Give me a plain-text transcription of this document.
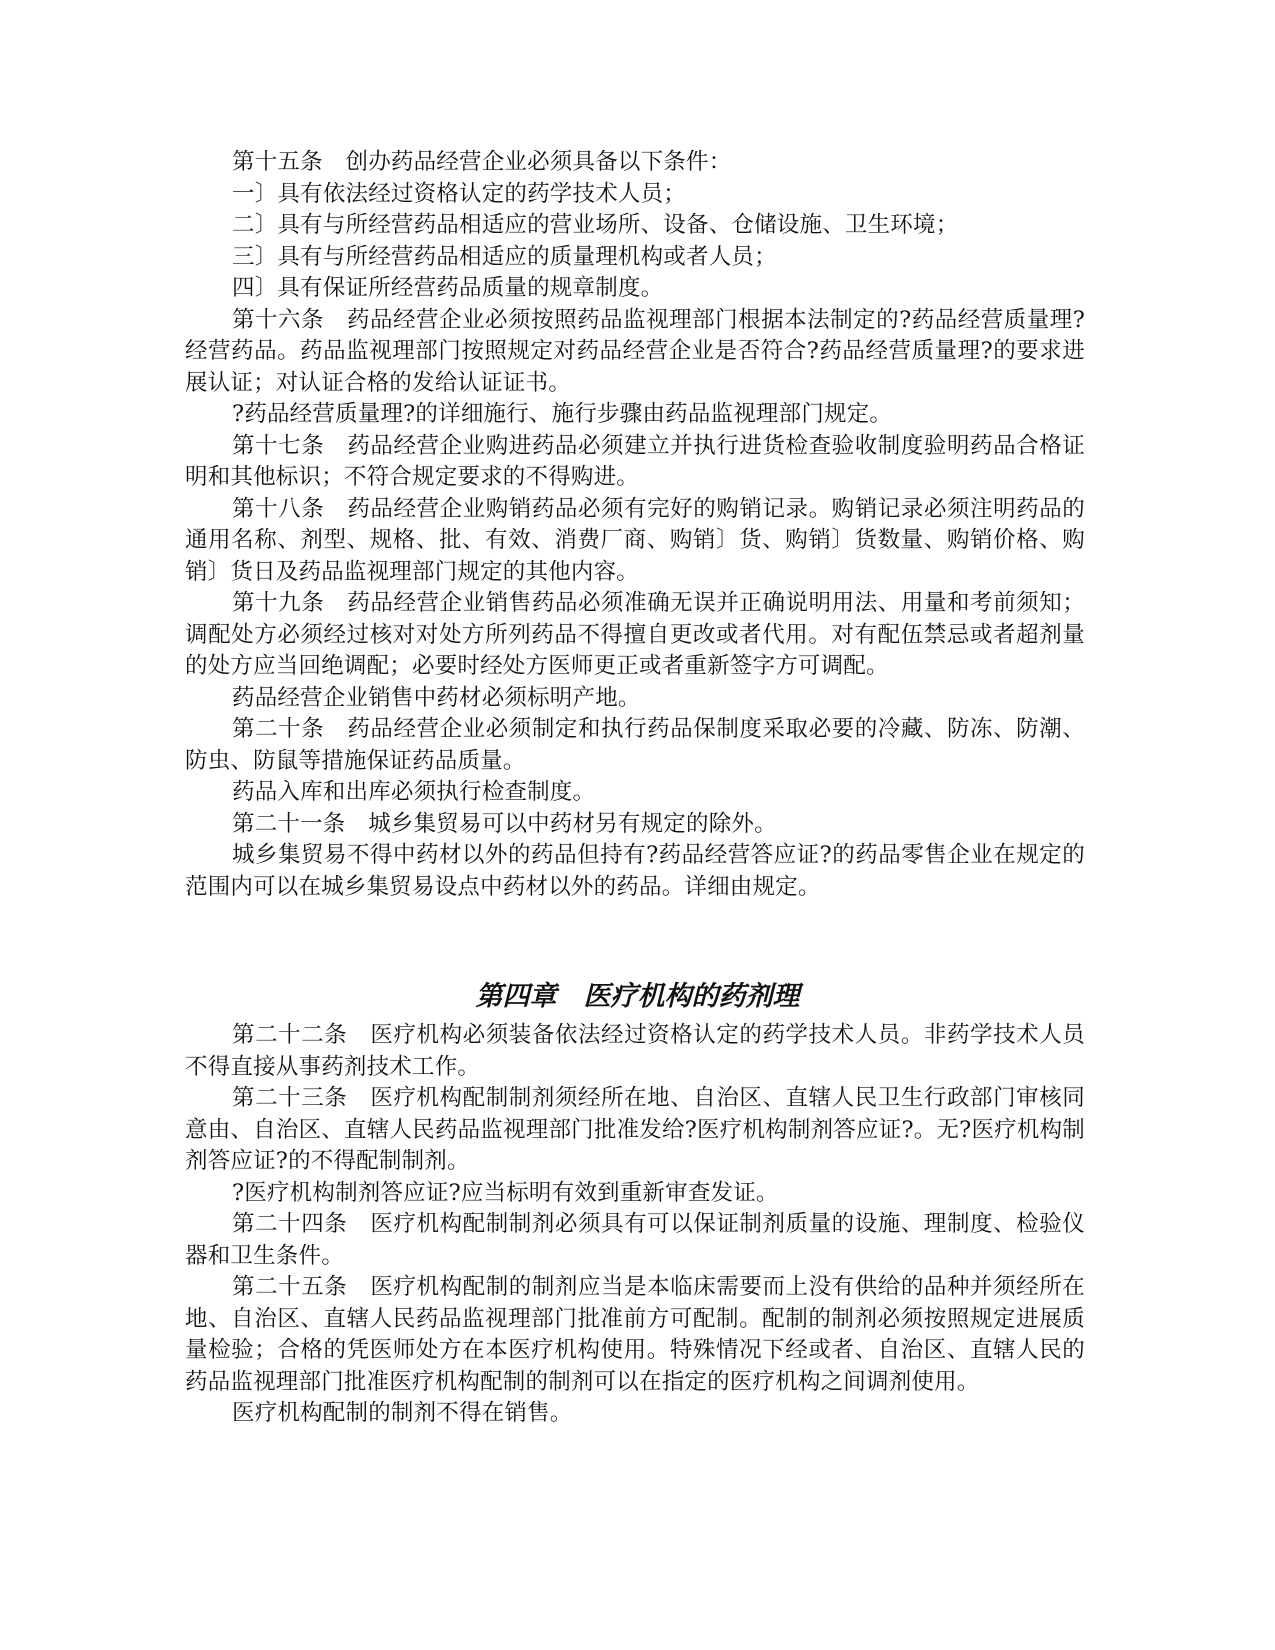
第十五条　创办药品经营企业必须具备以下条件：

一〕具有依法经过资格认定的药学技术人员；

二〕具有与所经营药品相适应的营业场所、设备、仓储设施、卫生环境；

三〕具有与所经营药品相适应的质量理机构或者人员；

四〕具有保证所经营药品质量的规章制度。

第十六条　药品经营企业必须按照药品监视理部门根据本法制定的?药品经营质量理?经营药品。药品监视理部门按照规定对药品经营企业是否符合?药品经营质量理?的要求进展认证；对认证合格的发给认证证书。

?药品经营质量理?的详细施行、施行步骤由药品监视理部门规定。

第十七条　药品经营企业购进药品必须建立并执行进货检查验收制度验明药品合格证明和其他标识；不符合规定要求的不得购进。

第十八条　药品经营企业购销药品必须有完好的购销记录。购销记录必须注明药品的通用名称、剂型、规格、批、有效、消费厂商、购销〕货、购销〕货数量、购销价格、购销〕货日及药品监视理部门规定的其他内容。

第十九条　药品经营企业销售药品必须准确无误并正确说明用法、用量和考前须知；调配处方必须经过核对对处方所列药品不得擅自更改或者代用。对有配伍禁忌或者超剂量的处方应当回绝调配；必要时经处方医师更正或者重新签字方可调配。

药品经营企业销售中药材必须标明产地。

第二十条　药品经营企业必须制定和执行药品保制度采取必要的冷藏、防冻、防潮、防虫、防鼠等措施保证药品质量。

药品入库和出库必须执行检查制度。

第二十一条　城乡集贸易可以中药材另有规定的除外。

城乡集贸易不得中药材以外的药品但持有?药品经营答应证?的药品零售企业在规定的范围内可以在城乡集贸易设点中药材以外的药品。详细由规定。

第四章　医疗机构的药剂理

第二十二条　医疗机构必须装备依法经过资格认定的药学技术人员。非药学技术人员不得直接从事药剂技术工作。

第二十三条　医疗机构配制制剂须经所在地、自治区、直辖人民卫生行政部门审核同意由、自治区、直辖人民药品监视理部门批准发给?医疗机构制剂答应证?。无?医疗机构制剂答应证?的不得配制制剂。

?医疗机构制剂答应证?应当标明有效到重新审查发证。

第二十四条　医疗机构配制制剂必须具有可以保证制剂质量的设施、理制度、检验仪器和卫生条件。

第二十五条　医疗机构配制的制剂应当是本临床需要而上没有供给的品种并须经所在地、自治区、直辖人民药品监视理部门批准前方可配制。配制的制剂必须按照规定进展质量检验；合格的凭医师处方在本医疗机构使用。特殊情况下经或者、自治区、直辖人民的药品监视理部门批准医疗机构配制的制剂可以在指定的医疗机构之间调剂使用。

医疗机构配制的制剂不得在销售。
